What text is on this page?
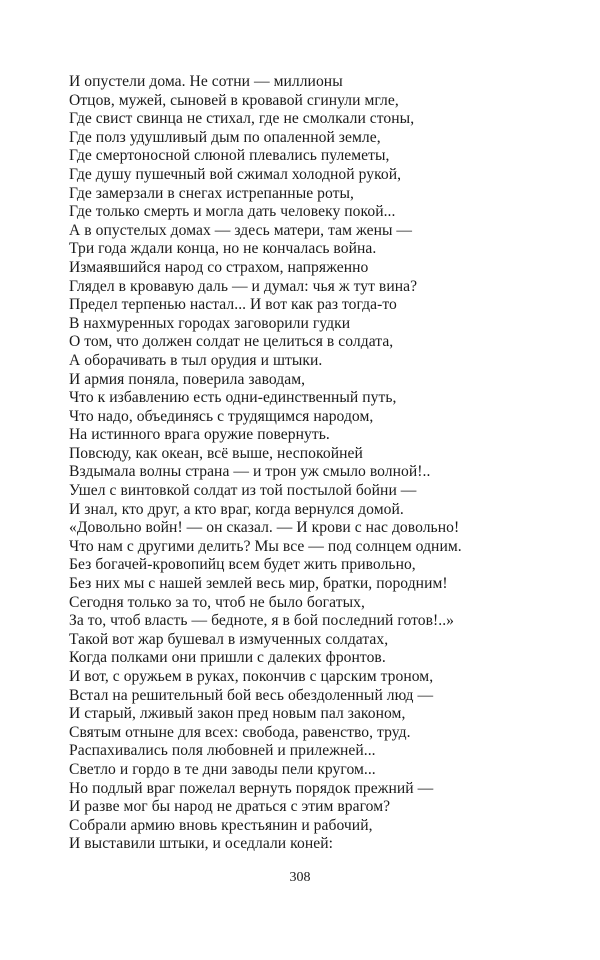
И опустели дома. Не сотни — миллионы
Отцов, мужей, сыновей в кровавой сгинули мгле,
Где свист свинца не стихал, где не смолкали стоны,
Где полз удушливый дым по опаленной земле,
Где смертоносной слюной плевались пулеметы,
Где душу пушечный вой сжимал холодной рукой,
Где замерзали в снегах истрепанные роты,
Где только смерть и могла дать человеку покой...
А в опустелых домах — здесь матери, там жены —
Три года ждали конца, но не кончалась война.
Измаявшийся народ со страхом, напряженно
Глядел в кровавую даль — и думал: чья ж тут вина?
Предел терпенью настал... И вот как раз тогда-то
В нахмуренных городах заговорили гудки
О том, что должен солдат не целиться в солдата,
А оборачивать в тыл орудия и штыки.
И армия поняла, поверила заводам,
Что к избавлению есть одни-единственный путь,
Что надо, объединясь с трудящимся народом,
На истинного врага оружие повернуть.
Повсюду, как океан, всё выше, неспокойней
Вздымала волны страна — и трон уж смыло волной!..
Ушел с винтовкой солдат из той постылой бойни —
И знал, кто друг, а кто враг, когда вернулся домой.
«Довольно войн! — он сказал. — И крови с нас довольно!
Что нам с другими делить? Мы все — под солнцем одним.
Без богачей-кровопийц всем будет жить привольно,
Без них мы с нашей землей весь мир, братки, породним!
Сегодня только за то, чтоб не было богатых,
За то, чтоб власть — бедноте, я в бой последний готов!..»
Такой вот жар бушевал в измученных солдатах,
Когда полками они пришли с далеких фронтов.
И вот, с оружьем в руках, покончив с царским троном,
Встал на решительный бой весь обездоленный люд —
И старый, лживый закон пред новым пал законом,
Святым отныне для всех: свобода, равенство, труд.
Распахивались поля любовней и прилежней...
Светло и гордо в те дни заводы пели кругом...
Но подлый враг пожелал вернуть порядок прежний —
И разве мог бы народ не драться с этим врагом?
Собрали армию вновь крестьянин и рабочий,
И выставили штыки, и оседлали коней:
308
